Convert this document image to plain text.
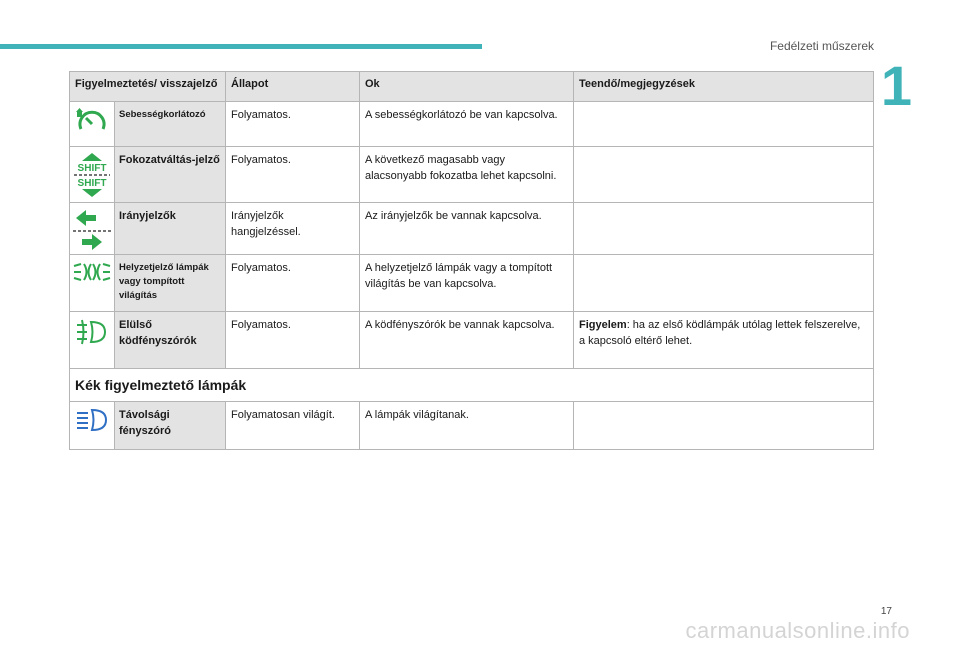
Fedélzeti műszerek
1
Figyelmeztetés/ visszajelző		Állapot	Ok	Teendő/megjegyzések

	Sebességkorlátozó	Folyamatos.	A sebességkorlátozó be van kapcsolva.	

SHIFT
SHIFT	Fokozatváltás-jelző	Folyamatos.	A következő magasabb vagy alacsonyabb fokozatba lehet kapcsolni.	

	Irányjelzők	Irányjelzők hangjelzéssel.	Az irányjelzők be vannak kapcsolva.	

	Helyzetjelző lámpák vagy tompított világítás	Folyamatos.	A helyzetjelző lámpák vagy a tompított világítás be van kapcsolva.	

	Elülső ködfényszórók	Folyamatos.	A ködfényszórók be vannak kapcsolva.	Figyelem: ha az első ködlámpák utólag lettek felszerelve, a kapcsoló eltérő lehet.
Kék figyelmeztető lámpák				

	Távolsági fényszóró	Folyamatosan világít.	A lámpák világítanak.	
17
carmanualsonline.info
